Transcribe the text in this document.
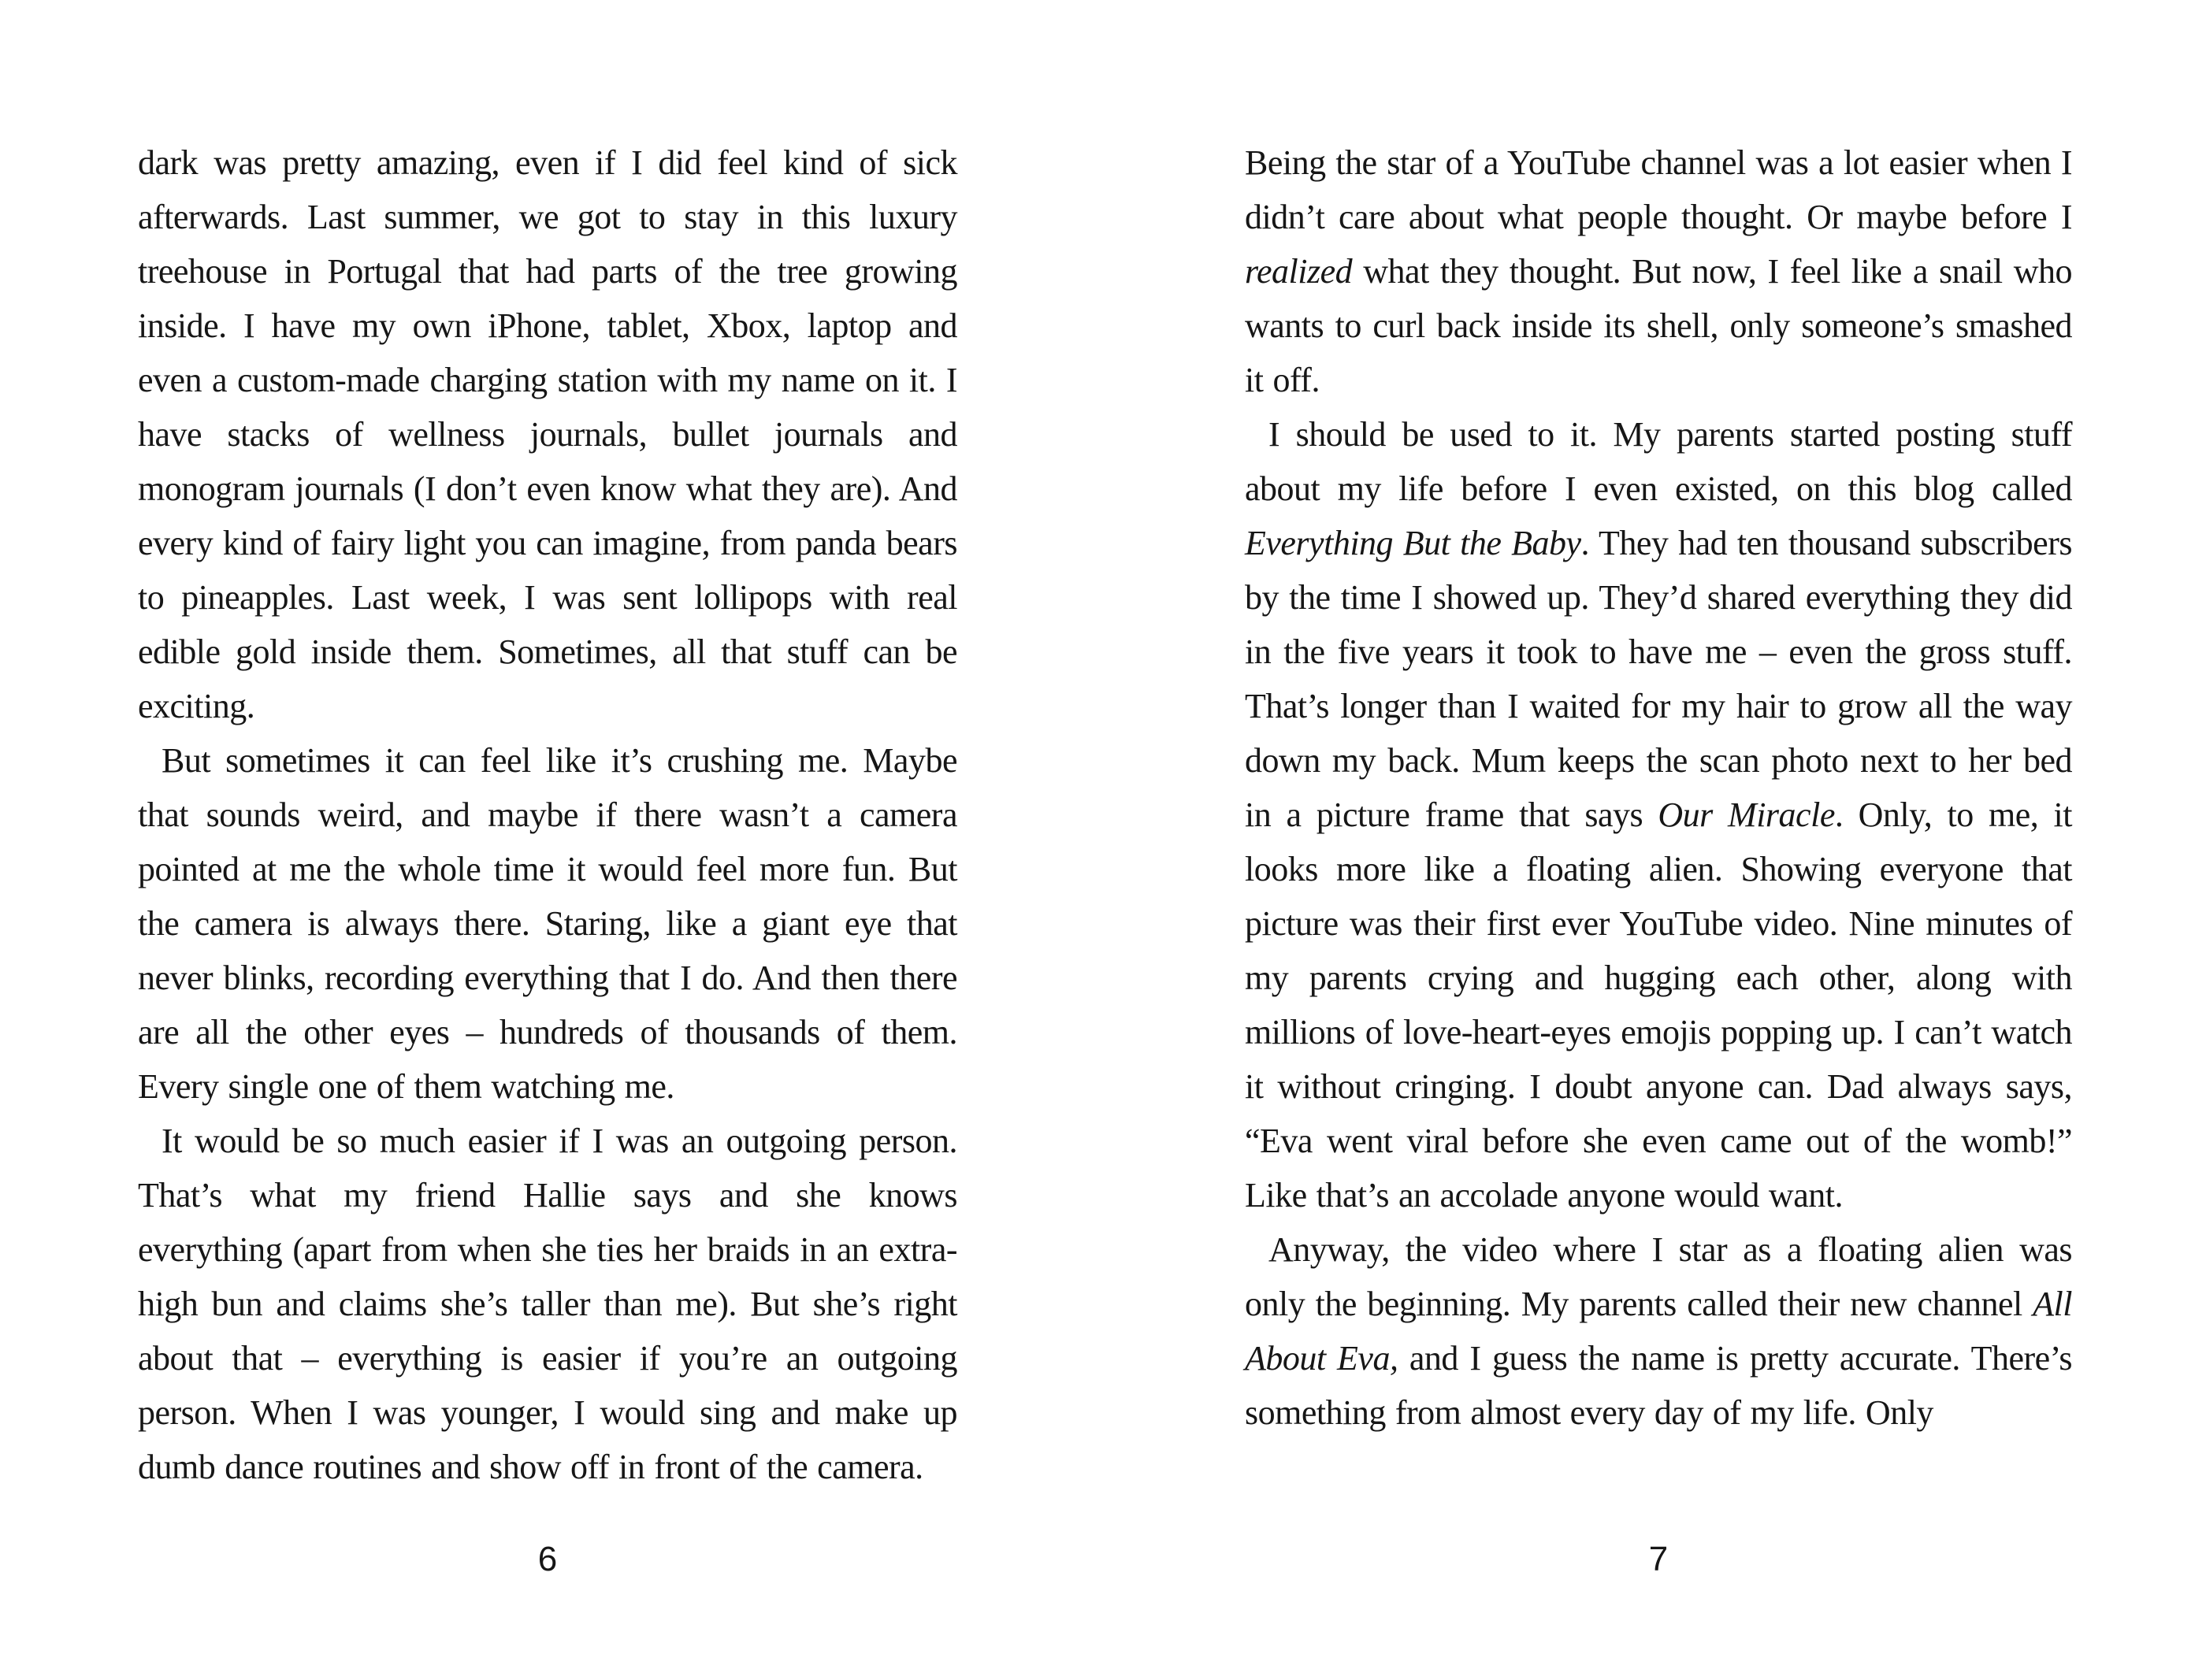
dark was pretty amazing, even if I did feel kind of sick afterwards. Last summer, we got to stay in this luxury treehouse in Portugal that had parts of the tree growing inside. I have my own iPhone, tablet, Xbox, laptop and even a custom-made charging station with my name on it. I have stacks of wellness journals, bullet journals and monogram journals (I don’t even know what they are). And every kind of fairy light you can imagine, from panda bears to pineapples. Last week, I was sent lollipops with real edible gold inside them. Sometimes, all that stuff can be exciting.

But sometimes it can feel like it’s crushing me. Maybe that sounds weird, and maybe if there wasn’t a camera pointed at me the whole time it would feel more fun. But the camera is always there. Staring, like a giant eye that never blinks, recording everything that I do. And then there are all the other eyes – hundreds of thousands of them. Every single one of them watching me.

It would be so much easier if I was an outgoing person. That’s what my friend Hallie says and she knows everything (apart from when she ties her braids in an extra-high bun and claims she’s taller than me). But she’s right about that – everything is easier if you’re an outgoing person. When I was younger, I would sing and make up dumb dance routines and show off in front of the camera.

6

Being the star of a YouTube channel was a lot easier when I didn’t care about what people thought. Or maybe before I realized what they thought. But now, I feel like a snail who wants to curl back inside its shell, only someone’s smashed it off.

I should be used to it. My parents started posting stuff about my life before I even existed, on this blog called Everything But the Baby. They had ten thousand subscribers by the time I showed up. They’d shared everything they did in the five years it took to have me – even the gross stuff. That’s longer than I waited for my hair to grow all the way down my back. Mum keeps the scan photo next to her bed in a picture frame that says Our Miracle. Only, to me, it looks more like a floating alien. Showing everyone that picture was their first ever YouTube video. Nine minutes of my parents crying and hugging each other, along with millions of love-heart-eyes emojis popping up. I can’t watch it without cringing. I doubt anyone can. Dad always says, “Eva went viral before she even came out of the womb!” Like that’s an accolade anyone would want.

Anyway, the video where I star as a floating alien was only the beginning. My parents called their new channel All About Eva, and I guess the name is pretty accurate. There’s something from almost every day of my life. Only

7
